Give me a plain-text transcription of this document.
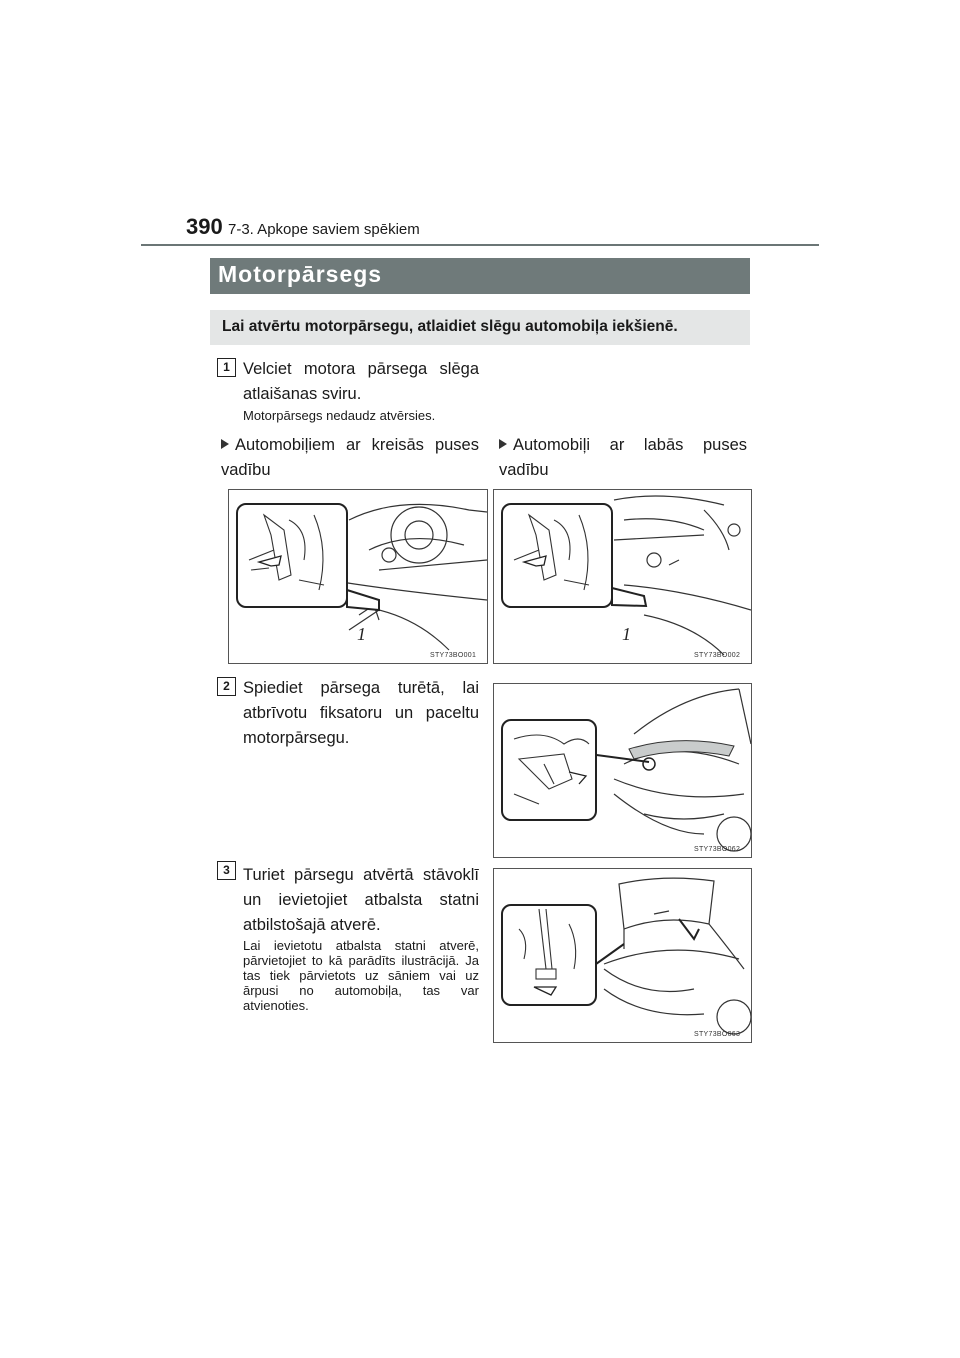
390 7-3. Apkope saviem spēkiem
Motorpārsegs
Lai atvērtu motorpārsegu, atlaidiet slēgu automobiļa iekšienē.
1 Velciet motora pārsega slēga atlaišanas sviru.
Motorpārsegs nedaudz atvērsies.
Automobiļiem ar kreisās puses vadību
Automobiļi ar labās puses vadību
1
STY73BO001
1
STY73BO002
2 Spiediet pārsega turētā, lai atbrīvotu fiksatoru un paceltu motorpārsegu.
STY73BO062
3 Turiet pārsegu atvērtā stāvoklī un ievietojiet atbalsta statni atbilstošajā atverē.
Lai ievietotu atbalsta statni atverē, pārvietojiet to kā parādīts ilustrācijā. Ja tas tiek pārvietots uz sāniem vai uz ārpusi no automobiļa, tas var atvienoties.
STY73BO063
